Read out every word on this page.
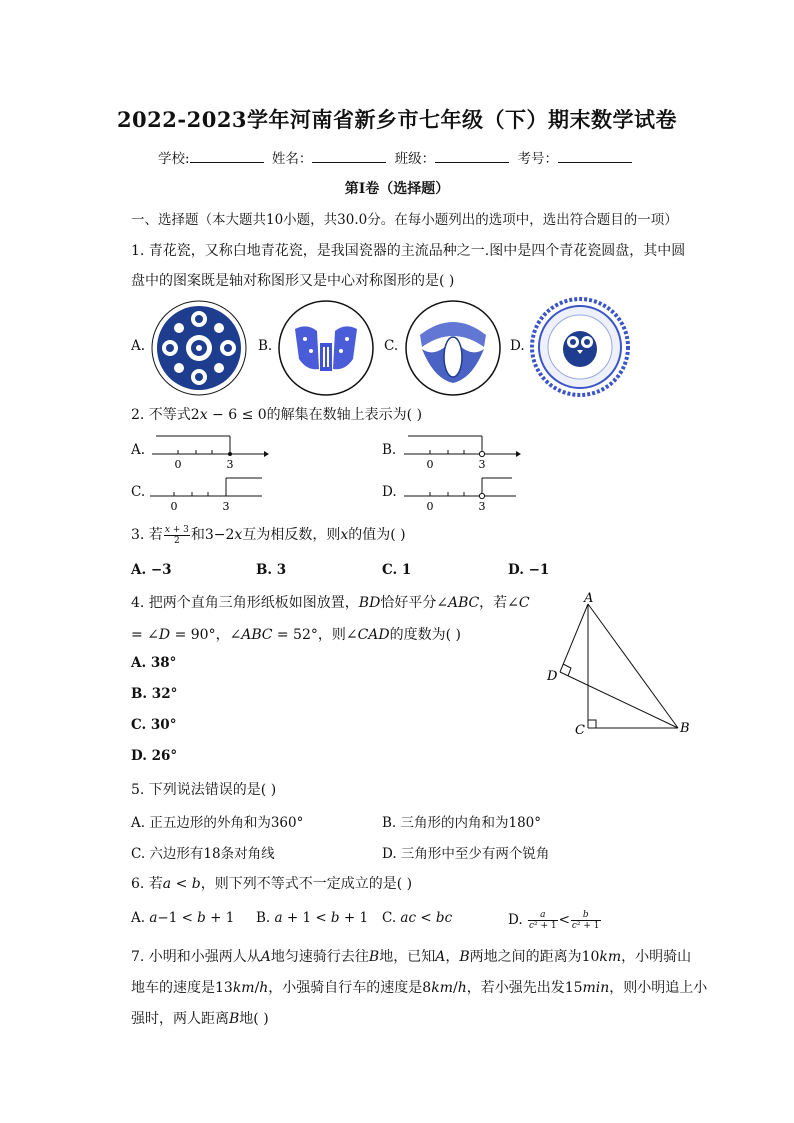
2022-2023学年河南省新乡市七年级（下）期末数学试卷
学校:	姓名：	班级：	考号：
第Ⅰ卷（选择题）
一、选择题（本大题共10小题，共30.0分。在每小题列出的选项中，选出符合题目的一项）
1. 青花瓷，又称白地青花瓷，是我国瓷器的主流品种之一.图中是四个青花瓷圆盘，其中圆
盘中的图案既是轴对称图形又是中心对称图形的是( )
A.	B.	C.	D.
2. 不等式2𝑥 − 6 ≤ 0的解集在数轴上表示为( )
A.
0	3
B.
0	3
C.
0	3
D.
0	3
3. 若 $\frac{\text{𝑥 + 3}}{2}$ 和3−2𝑥互为相反数，则𝑥的值为( )
A. −3	B. 3	C. 1	D. −1
4. 把两个直角三角形纸板如图放置，𝐵𝐷恰好平分∠𝐴𝐵𝐶，若∠𝐶
= ∠𝐷 = 90°，∠𝐴𝐵𝐶 = 52°，则∠𝐶𝐴𝐷的度数为( )
A. 38°
B. 32°
C. 30°
D. 26°
A
B
C
D
5. 下列说法错误的是( )
A. 正五边形的外角和为360°	B. 三角形的内角和为180°
C. 六边形有18条对角线	D. 三角形中至少有两个锐角
6. 若𝑎 < 𝑏，则下列不等式不一定成立的是( )
A. 𝑎−1 < 𝑏 + 1 B. 𝑎 + 1 < 𝑏 + 1 C. 𝑎𝑐 < 𝑏𝑐	D. $\frac{\text{𝑎}}{\text{𝑐² + 1}} < \frac{\text{𝑏}}{\text{𝑐² + 1}}$
7. 小明和小强两人从𝐴地匀速骑行去往𝐵地，已知𝐴，𝐵两地之间的距离为10𝑘𝑚，小明骑山
地车的速度是13𝑘𝑚/ℎ，小强骑自行车的速度是8𝑘𝑚/ℎ，若小强先出发15𝑚𝑖𝑛，则小明追上小
强时，两人距离𝐵地( )
